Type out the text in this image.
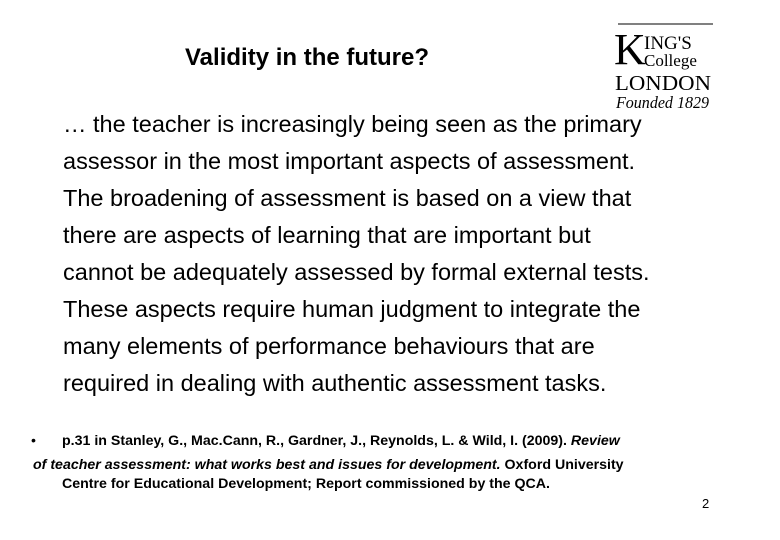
Validity in the future?	K
ING'S
College
LONDON
Founded 1829
… the teacher is increasingly being seen as the primary
assessor in the most important aspects of assessment.
The broadening of assessment is based on a view that
there are aspects of learning that are important but
cannot be adequately assessed by formal external tests.
These aspects require human judgment to integrate the
many elements of performance behaviours that are
required in dealing with authentic assessment tasks.
• p.31 in Stanley, G., Mac.Cann, R., Gardner, J., Reynolds, L. & Wild, I. (2009). Review
of teacher assessment: what works best and issues for development. Oxford University
Centre for Educational Development; Report commissioned by the QCA.
2
